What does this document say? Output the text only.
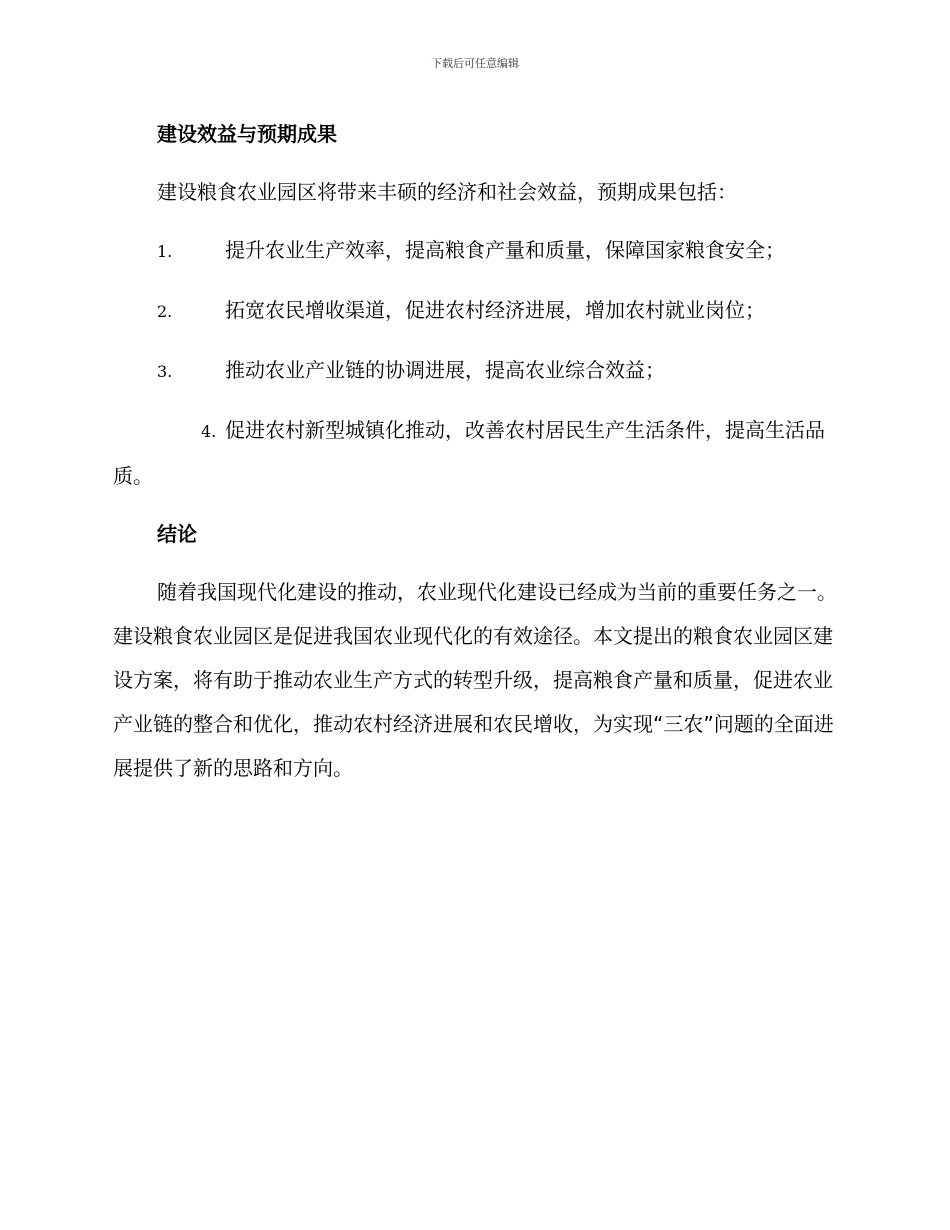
下载后可任意编辑
建设效益与预期成果
建设粮食农业园区将带来丰硕的经济和社会效益，预期成果包括：
1.	提升农业生产效率，提高粮食产量和质量，保障国家粮食安全；
2.	拓宽农民增收渠道，促进农村经济进展，增加农村就业岗位；
3.	推动农业产业链的协调进展，提高农业综合效益；
4. 促进农村新型城镇化推动，改善农村居民生产生活条件，提高生活品质。
结论
随着我国现代化建设的推动，农业现代化建设已经成为当前的重要任务之一。建设粮食农业园区是促进我国农业现代化的有效途径。本文提出的粮食农业园区建设方案，将有助于推动农业生产方式的转型升级，提高粮食产量和质量，促进农业产业链的整合和优化，推动农村经济进展和农民增收，为实现“三农”问题的全面进展提供了新的思路和方向。
